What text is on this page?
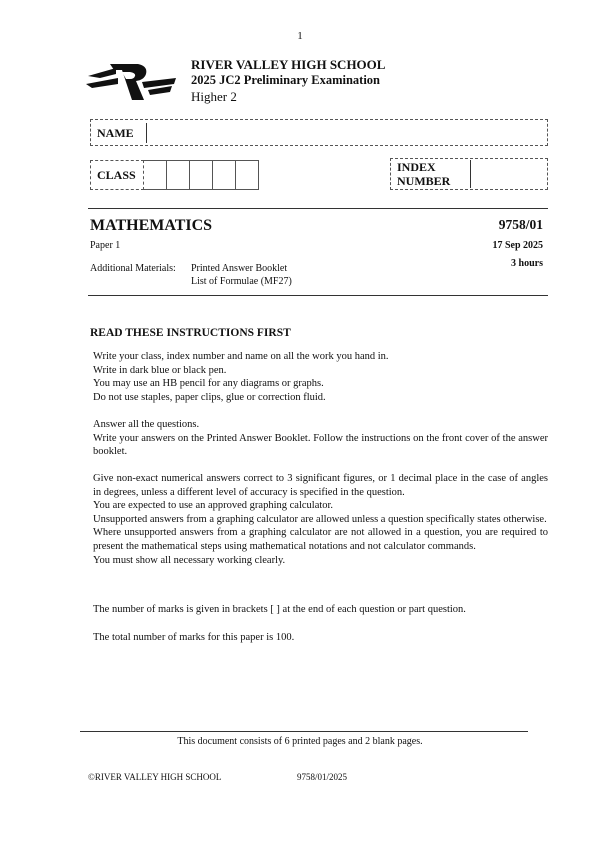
1
RIVER VALLEY HIGH SCHOOL
2025 JC2 Preliminary Examination
Higher 2
NAME
CLASS
INDEX
NUMBER
MATHEMATICS	9758/01
Paper 1	17 Sep 2025
3 hours
Additional Materials: Printed Answer Booklet
List of Formulae (MF27)
READ THESE INSTRUCTIONS FIRST

Write your class, index number and name on all the work you hand in.

Write in dark blue or black pen.

You may use an HB pencil for any diagrams or graphs.

Do not use staples, paper clips, glue or correction fluid.

Answer all the questions.

Write your answers on the Printed Answer Booklet. Follow the instructions on the front cover of the answer booklet.

Give non-exact numerical answers correct to 3 significant figures, or 1 decimal place in the case of angles in degrees, unless a different level of accuracy is specified in the question.

You are expected to use an approved graphing calculator.

Unsupported answers from a graphing calculator are allowed unless a question specifically states otherwise.

Where unsupported answers from a graphing calculator are not allowed in a question, you are required to present the mathematical steps using mathematical notations and not calculator commands.

You must show all necessary working clearly.

The number of marks is given in brackets [ ] at the end of each question or part question.
The total number of marks for this paper is 100.
This document consists of 6 printed pages and 2 blank pages.
©RIVER VALLEY HIGH SCHOOL	9758/01/2025
